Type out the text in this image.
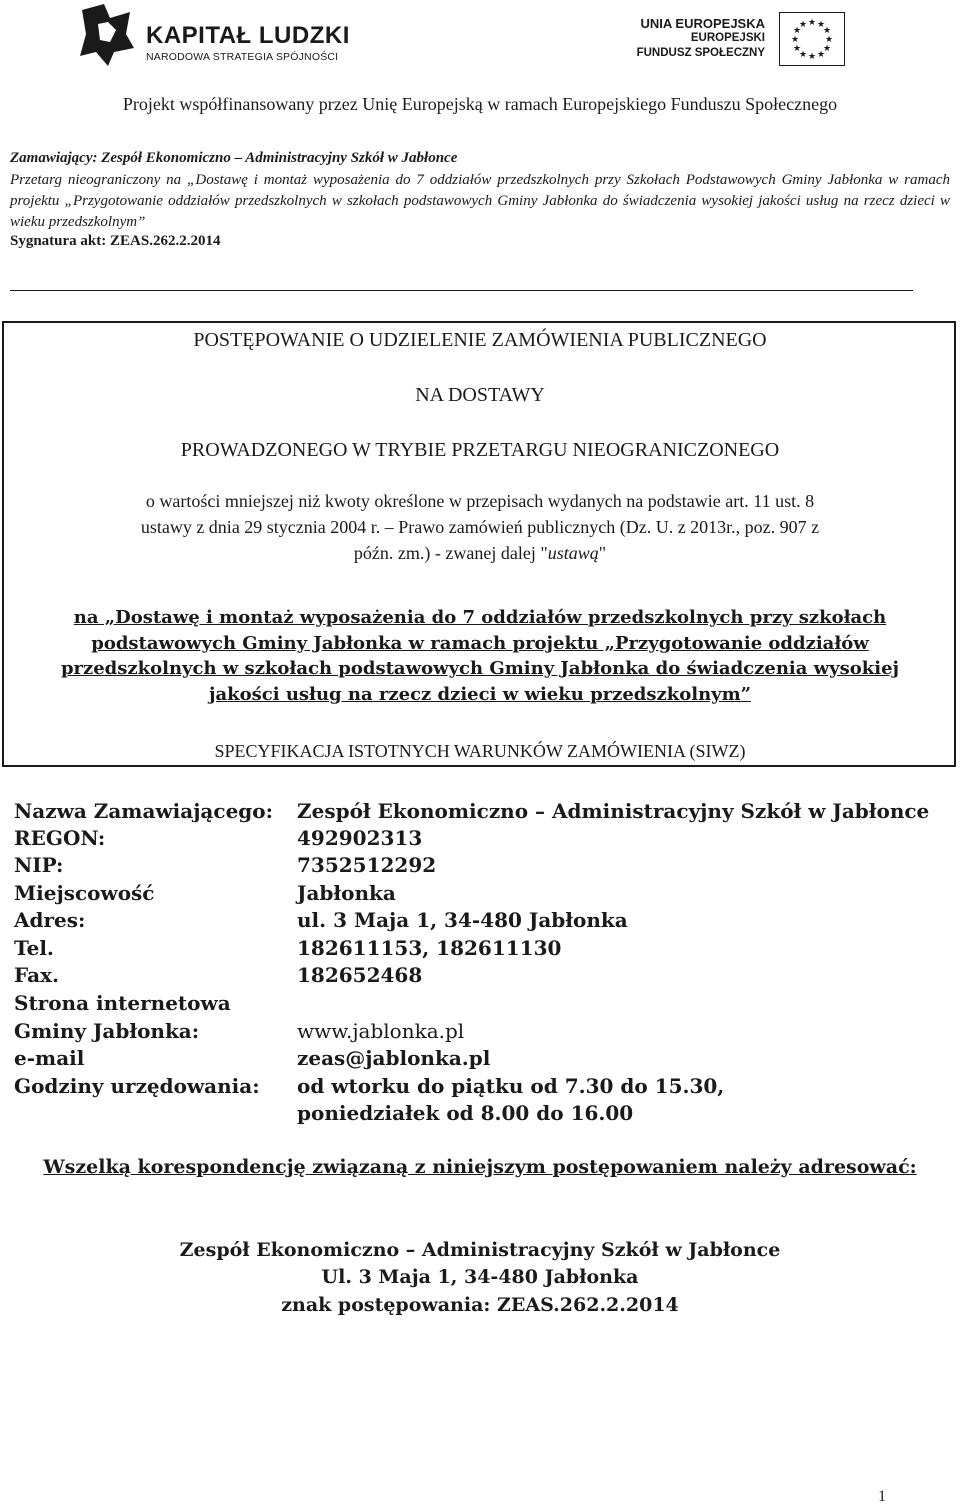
KAPITAŁ LUDZKI
NARODOWA STRATEGIA SPÓJNOŚCI
UNIA EUROPEJSKA
EUROPEJSKI
FUNDUSZ SPOŁECZNY
★ ★
★
★
★
★
★
★
★
★
★
★
Projekt współfinansowany przez Unię Europejską w ramach Europejskiego Funduszu Społecznego
Zamawiający: Zespół Ekonomiczno – Administracyjny Szkół w Jabłonce
Przetarg nieograniczony na „Dostawę i montaż wyposażenia do 7 oddziałów przedszkolnych przy Szkołach Podstawowych Gminy Jabłonka w ramach projektu „Przygotowanie oddziałów przedszkolnych w szkołach podstawowych Gminy Jabłonka do świadczenia wysokiej jakości usług na rzecz dzieci w wieku przedszkolnym”
Sygnatura akt: ZEAS.262.2.2014
POSTĘPOWANIE O UDZIELENIE ZAMÓWIENIA PUBLICZNEGO
NA DOSTAWY
PROWADZONEGO W TRYBIE PRZETARGU NIEOGRANICZONEGO
o wartości mniejszej niż kwoty określone w przepisach wydanych na podstawie art. 11 ust. 8 ustawy z dnia 29 stycznia 2004 r. – Prawo zamówień publicznych (Dz. U. z 2013r., poz. 907 z późn. zm.) - zwanej dalej "ustawą"
na „Dostawę i montaż wyposażenia do 7 oddziałów przedszkolnych przy szkołach
podstawowych Gminy Jabłonka w ramach projektu „Przygotowanie oddziałów
przedszkolnych w szkołach podstawowych Gminy Jabłonka do świadczenia wysokiej
jakości usług na rzecz dzieci w wieku przedszkolnym”
SPECYFIKACJA ISTOTNYCH WARUNKÓW ZAMÓWIENIA (SIWZ)
Nazwa Zamawiającego: Zespół Ekonomiczno – Administracyjny Szkół w Jabłonce
REGON:	492902313
NIP:	7352512292
Miejscowość	Jabłonka
Adres:	ul. 3 Maja 1, 34-480 Jabłonka
Tel.	182611153, 182611130
Fax.	182652468
Strona internetowa
Gminy Jabłonka:	www.jablonka.pl
e-mail	zeas@jablonka.pl
Godziny urzędowania: od wtorku do piątku od 7.30 do 15.30,
poniedziałek od 8.00 do 16.00
Wszelką korespondencję związaną z niniejszym postępowaniem należy adresować:
Zespół Ekonomiczno – Administracyjny Szkół w Jabłonce
Ul. 3 Maja 1, 34-480 Jabłonka
znak postępowania: ZEAS.262.2.2014
1
